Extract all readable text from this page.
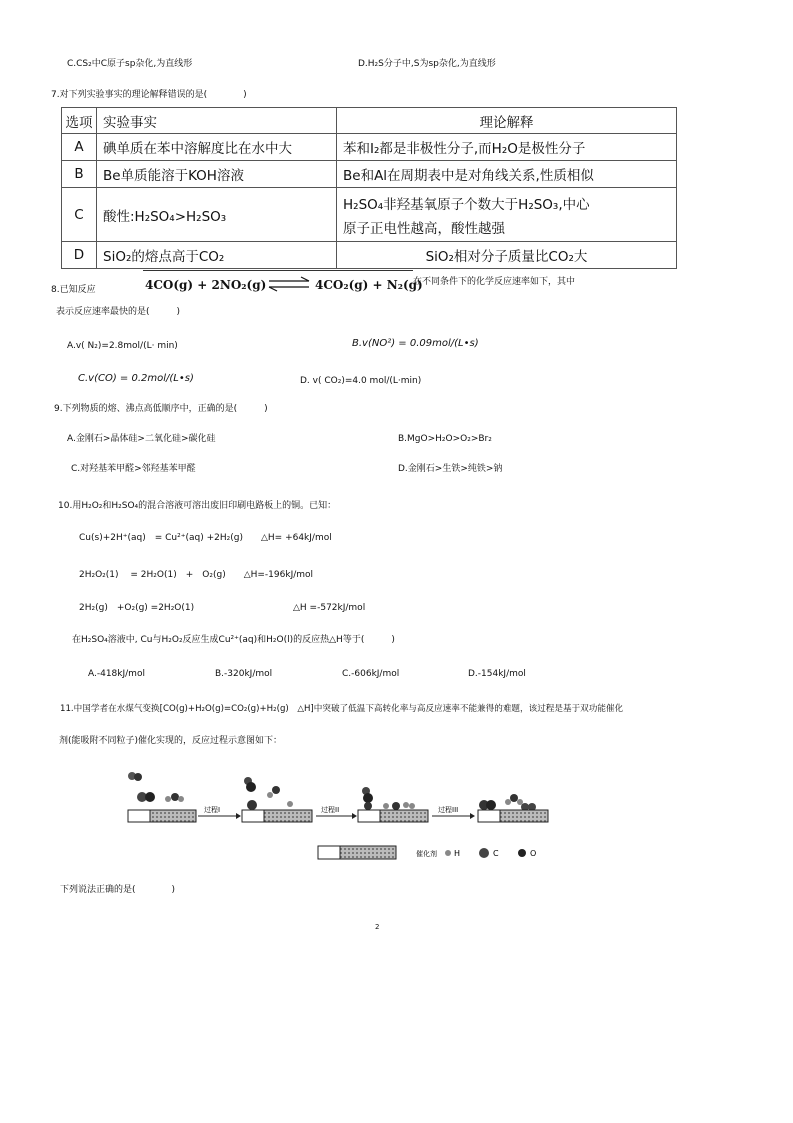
C.CS₂中C原子sp杂化,为直线形	D.H₂S分子中,S为sp杂化,为直线形
7.对下列实验事实的理论解释错误的是(　　　　)
选项	实验事实	理论解释
A	碘单质在苯中溶解度比在水中大	苯和I₂都是非极性分子,而H₂O是极性分子
B	Be单质能溶于KOH溶液	Be和Al在周期表中是对角线关系,性质相似
C	酸性:H₂SO₄>H₂SO₃	H₂SO₄非羟基氧原子个数大于H₂SO₃,中心
原子正电性越高，酸性越强

D	SiO₂的熔点高于CO₂	SiO₂相对分子质量比CO₂大
8.已知反应	4CO(g) + 2NO₂(g) ⇌ 4CO₂(g) + N₂(g)
在不同条件下的化学反应速率如下，其中
表示反应速率最快的是(　　　)
A.v( N₂)=2.8mol/(L· min)	B.v(NO²) = 0.09mol/(L•s)
C.v(CO) = 0.2mol/(L•s)	D. v( CO₂)=4.0 mol/(L·min)
9.下列物质的熔、沸点高低顺序中，正确的是(　　　)
A.金刚石>晶体硅>二氧化硅>碳化硅	B.MgO>H₂O>O₂>Br₂
C.对羟基苯甲醛>邻羟基苯甲醛	D.金刚石>生铁>纯铁>钠
10.用H₂O₂和H₂SO₄的混合溶液可溶出废旧印刷电路板上的铜。已知：
Cu(s)+2H⁺(aq)　= Cu²⁺(aq) +2H₂(g)　　△H= +64kJ/mol
2H₂O₂(1)　 = 2H₂O(1)　+　O₂(g)　　△H=-196kJ/mol
2H₂(g)　+O₂(g) =2H₂O(1)	△H =-572kJ/mol
在H₂SO₄溶液中, Cu与H₂O₂反应生成Cu²⁺(aq)和H₂O(l)的反应热△H等于(　　　)
A.-418kJ/mol	B.-320kJ/mol	C.-606kJ/mol	D.-154kJ/mol
11.中国学者在水煤气变换[CO(g)+H₂O(g)=CO₂(g)+H₂(g)　△H]中突破了低温下高转化率与高反应速率不能兼得的难题，该过程是基于双功能催化
剂(能吸附不同粒子)催化实现的，反应过程示意图如下：
过程I	过程II	过程III
催化剂 H	C	O
下列说法正确的是(　　　　)
2
